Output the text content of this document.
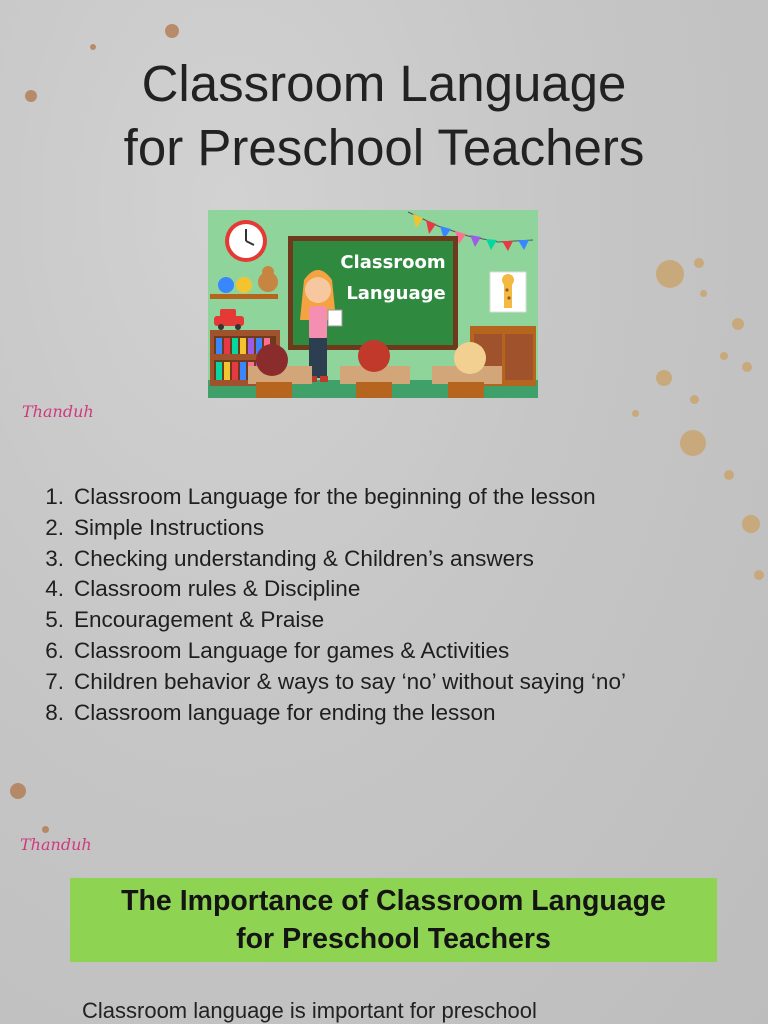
Classroom Language
for Preschool Teachers
Classroom
Language
Thanduh
1. Classroom Language for the beginning of the lesson
2. Simple Instructions
3. Checking understanding & Children’s answers
4. Classroom rules & Discipline
5. Encouragement & Praise
6. Classroom Language for games & Activities
7. Children behavior & ways to say ‘no’ without saying ‘no’
8. Classroom language for ending the lesson
Thanduh
The Importance of Classroom Language
for Preschool Teachers
Classroom language is important for preschool
